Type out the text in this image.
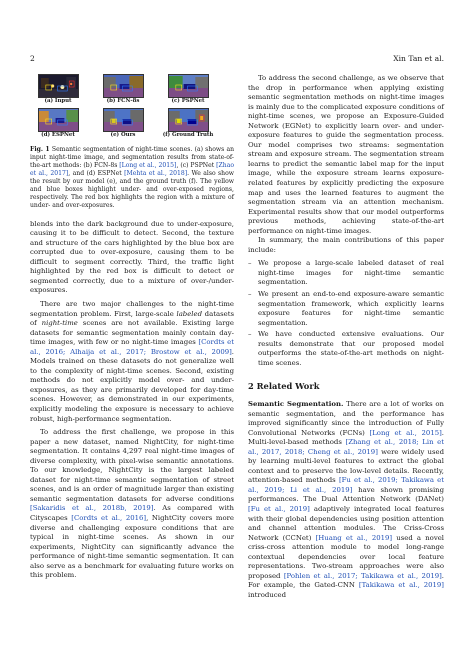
2	Xin Tan et al.
(a) Input	(b) FCN-8s	(c) PSPNet
(d) ESPNet	(e) Ours	(f) Ground Truth
Fig. 1 Semantic segmentation of night-time scenes. (a) shows an input night-time image, and segmentation results from state-of-the-art methods: (b) FCN-8s [Long et al., 2015], (c) PSPNet [Zhao et al., 2017], and (d) ESPNet [Mehta et al., 2018]. We also show the result by our model (e), and the ground truth (f). The yellow and blue boxes highlight under- and over-exposed regions, respectively. The red box highlights the region with a mixture of under- and over-exposures.

blends into the dark background due to under-exposure, causing it to be difficult to detect. Second, the texture and structure of the cars highlighted by the blue box are corrupted due to over-exposure, causing them to be difficult to segment correctly. Third, the traffic light highlighted by the red box is difficult to detect or segmented correctly, due to a mixture of over-/under-exposures.

There are two major challenges to the night-time segmentation problem. First, large-scale labeled datasets of night-time scenes are not available. Existing large datasets for semantic segmentation mainly contain day-time images, with few or no night-time images [Cordts et al., 2016; Alhaija et al., 2017; Brostow et al., 2009]. Models trained on these datasets do not generalize well to the complexity of night-time scenes. Second, existing methods do not explicitly model over- and under-exposures, as they are primarily developed for day-time scenes. However, as demonstrated in our experiments, explicitly modeling the exposure is necessary to achieve robust, high-performance segmentation.

To address the first challenge, we propose in this paper a new dataset, named NightCity, for night-time segmentation. It contains 4,297 real night-time images of diverse complexity, with pixel-wise semantic annotations. To our knowledge, NightCity is the largest labeled dataset for night-time semantic segmentation of street scenes, and is an order of magnitude larger than existing semantic segmentation datasets for adverse conditions [Sakaridis et al., 2018b, 2019]. As compared with Cityscapes [Cordts et al., 2016], NightCity covers more diverse and challenging exposure conditions that are typical in night-time scenes. As shown in our experiments, NightCity can significantly advance the performance of night-time semantic segmentation. It can also serve as a benchmark for evaluating future works on this problem.

To address the second challenge, as we observe that the drop in performance when applying existing semantic segmentation methods on night-time images is mainly due to the complicated exposure conditions of night-time scenes, we propose an Exposure-Guided Network (EGNet) to explicitly learn over- and under-exposure features to guide the segmentation process. Our model comprises two streams: segmentation stream and exposure stream. The segmentation stream learns to predict the semantic label map for the input image, while the exposure stream learns exposure-related features by explicitly predicting the exposure map and uses the learned features to augment the segmentation stream via an attention mechanism. Experimental results show that our model outperforms previous methods, achieving state-of-the-art performance on night-time images.

In summary, the main contributions of this paper include:

– We propose a large-scale labeled dataset of real night-time images for night-time semantic segmentation.
– We present an end-to-end exposure-aware semantic segmentation framework, which explicitly learns exposure features for night-time semantic segmentation.
– We have conducted extensive evaluations. Our results demonstrate that our proposed model outperforms the state-of-the-art methods on night-time scenes.

2 Related Work

Semantic Segmentation. There are a lot of works on semantic segmentation, and the performance has improved significantly since the introduction of Fully Convolutional Networks (FCNs) [Long et al., 2015]. Multi-level-based methods [Zhang et al., 2018; Lin et al., 2017, 2018; Cheng et al., 2019] were widely used by learning multi-level features to extract the global context and to preserve the low-level details. Recently, attention-based methods [Fu et al., 2019; Takikawa et al., 2019; Li et al., 2019] have shown promising performances. The Dual Attention Network (DANet) [Fu et al., 2019] adaptively integrated local features with their global dependencies using position attention and channel attention modules. The Criss-Cross Network (CCNet) [Huang et al., 2019] used a novel criss-cross attention module to model long-range contextual dependencies over local feature representations. Two-stream approaches were also proposed [Pohlen et al., 2017; Takikawa et al., 2019]. For example, the Gated-CNN [Takikawa et al., 2019] introduced
